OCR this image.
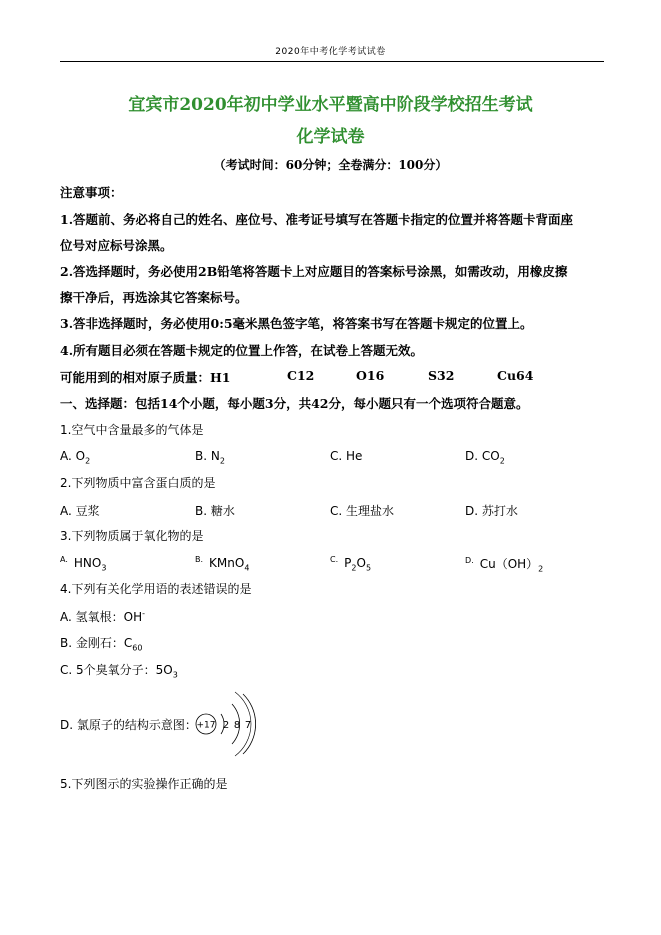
2020年中考化学考试试卷
宜宾市2020年初中学业水平暨高中阶段学校招生考试
化学试卷
（考试时间：60分钟；全卷满分：100分）
注意事项：
1.答题前、务必将自己的姓名、座位号、准考证号填写在答题卡指定的位置并将答题卡背面座
位号对应标号涂黑。
2.答选择题时，务必使用2B铅笔将答题卡上对应题目的答案标号涂黑，如需改动，用橡皮擦
擦干净后，再选涂其它答案标号。
3.答非选择题时，务必使用0:5毫米黑色签字笔，将答案书写在答题卡规定的位置上。
4.所有题目必须在答题卡规定的位置上作答，在试卷上答题无效。
可能用到的相对原子质量：H1	C12	O16	S32	Cu64
一、选择题：包括14个小题，每小题3分，共42分，每小题只有一个选项符合题意。
1.空气中含量最多的气体是
A. $O_2$	B. $N_2$	C. He	D. $CO_2$
2.下列物质中富含蛋白质的是
A. 豆浆	B. 糖水	C. 生理盐水	D. 苏打水
3.下列物质属于氧化物的是
$^{A.}$ $HNO_3$
$^{B.}$ KMnO$_4$
$^{C.}$ $P_2O_5$
$^{D.}$ $Cu(OH)_2$
4.下列有关化学用语的表述错误的是
A. 氢氧根：OH-
B. 金刚石：$C_{60}$
C. 5个臭氧分子：$5O_3$
D. 氯原子的结构示意图： +17 2 8 7
5.下列图示的实验操作正确的是
